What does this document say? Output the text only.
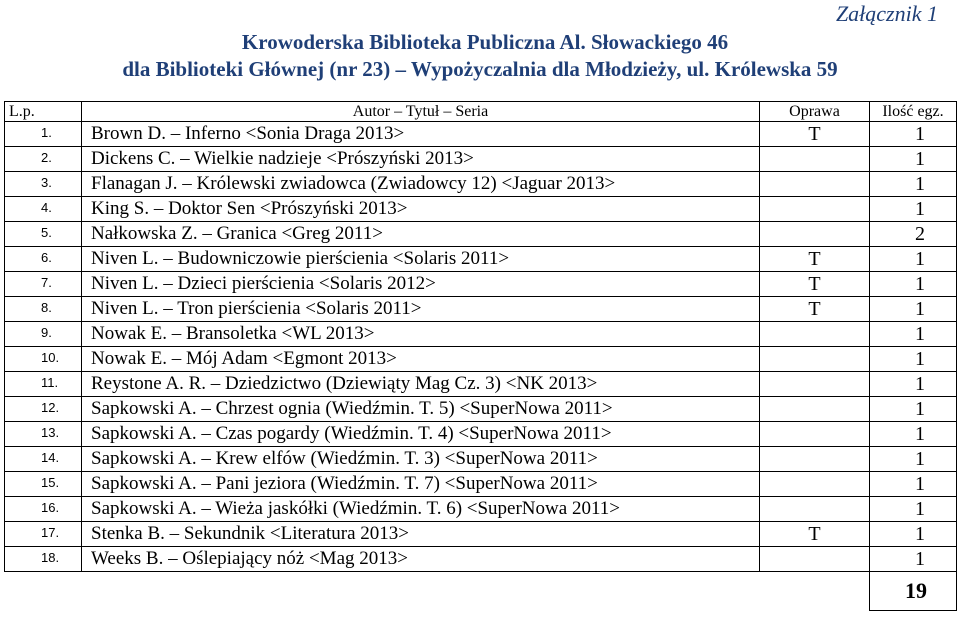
Załącznik 1
Krowoderska Biblioteka Publiczna Al. Słowackiego 46
dla Biblioteki Głównej (nr 23) – Wypożyczalnia dla Młodzieży, ul. Królewska 59
L.p.	Autor – Tytuł – Seria	Oprawa	Ilość egz.
1.	Brown D. – Inferno <Sonia Draga 2013>	T	1
2.	Dickens C. – Wielkie nadzieje <Prószyński 2013>		1
3.	Flanagan J. – Królewski zwiadowca (Zwiadowcy 12) <Jaguar 2013>		1
4.	King S. – Doktor Sen <Prószyński 2013>		1
5.	Nałkowska Z. – Granica <Greg 2011>		2
6.	Niven L. – Budowniczowie pierścienia <Solaris 2011>	T	1
7.	Niven L. – Dzieci pierścienia <Solaris 2012>	T	1
8.	Niven L. – Tron pierścienia <Solaris 2011>	T	1
9.	Nowak E. – Bransoletka <WL 2013>		1
10.	Nowak E. – Mój Adam <Egmont 2013>		1
11.	Reystone A. R. – Dziedzictwo (Dziewiąty Mag Cz. 3) <NK 2013>		1
12.	Sapkowski A. – Chrzest ognia (Wiedźmin. T. 5) <SuperNowa 2011>		1
13.	Sapkowski A. – Czas pogardy (Wiedźmin. T. 4) <SuperNowa 2011>		1
14.	Sapkowski A. – Krew elfów (Wiedźmin. T. 3) <SuperNowa 2011>		1
15.	Sapkowski A. – Pani jeziora (Wiedźmin. T. 7) <SuperNowa 2011>		1
16.	Sapkowski A. – Wieża jaskółki (Wiedźmin. T. 6) <SuperNowa 2011>		1
17.	Stenka B. – Sekundnik <Literatura 2013>	T	1
18.	Weeks B. – Oślepiający nóż <Mag 2013>		1
			19
